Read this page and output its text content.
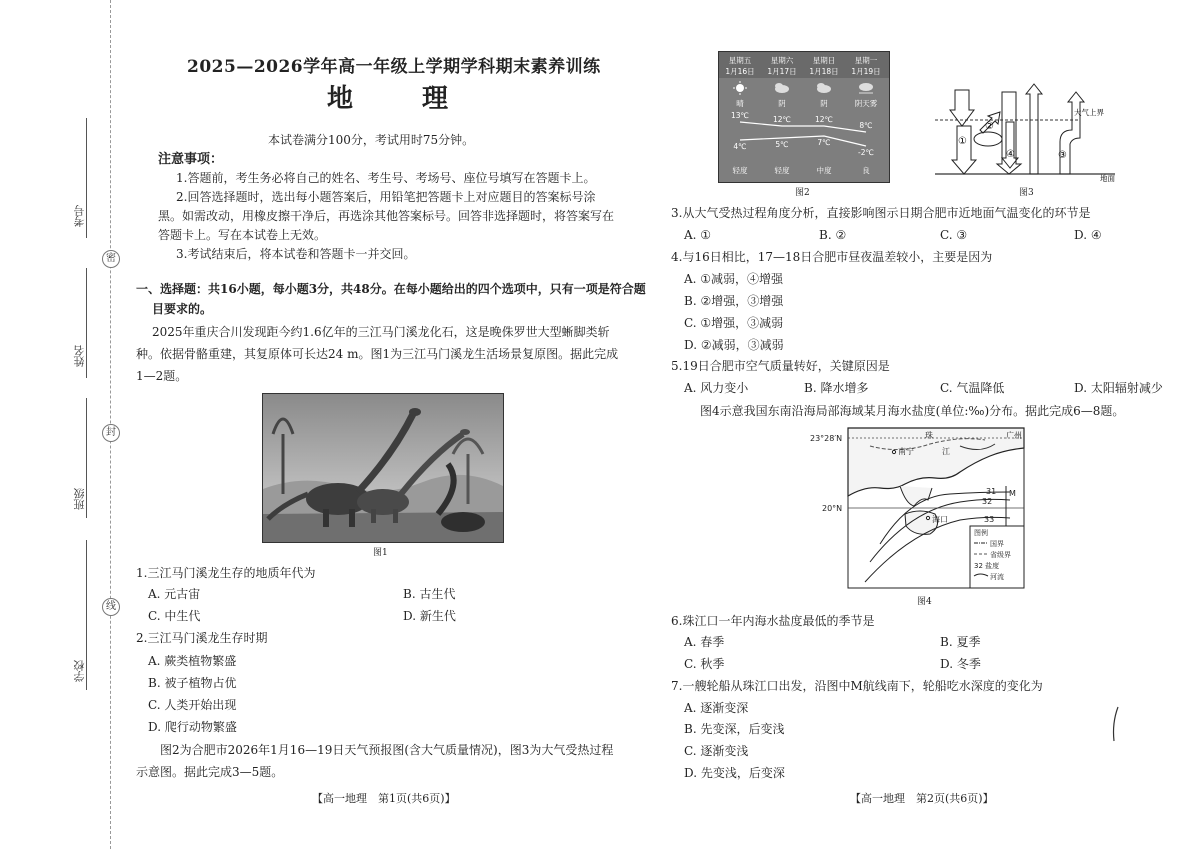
考号
姓名
班级
学校
密
封
线
2025—2026学年高一年级上学期学科期末素养训练
地 理
本试卷满分100分，考试用时75分钟。
注意事项：
1.答题前，考生务必将自己的姓名、考生号、考场号、座位号填写在答题卡上。
2.回答选择题时，选出每小题答案后，用铅笔把答题卡上对应题目的答案标号涂
黑。如需改动，用橡皮擦干净后，再选涂其他答案标号。回答非选择题时，将答案写在
答题卡上。写在本试卷上无效。
3.考试结束后，将本试卷和答题卡一并交回。
一、选择题：共16小题，每小题3分，共48分。在每小题给出的四个选项中，只有一项是符合题
目要求的。
2025年重庆合川发现距今约1.6亿年的三江马门溪龙化石，这是晚侏罗世大型蜥脚类斩
种。依据骨骼重建，其复原体可长达24 m。图1为三江马门溪龙生活场景复原图。据此完成
1—2题。
图1
1.三江马门溪龙生存的地质年代为
A. 元古宙	B. 古生代
C. 中生代	D. 新生代
2.三江马门溪龙生存时期
A. 蕨类植物繁盛
B. 被子植物占优
C. 人类开始出现
D. 爬行动物繁盛
图2为合肥市2026年1月16—19日天气预报图(含大气质量情况)，图3为大气受热过程
示意图。据此完成3—5题。
【高一地理　第1页(共6页)】
星期五	星期六	星期日	星期一
1月16日 1月17日 1月18日 1月19日
晴	阴	阴	阴天雾
13℃	12℃	12℃
8℃
4℃	5℃	7℃
-2℃
轻度	轻度	中度	良
图2
①
②
④	③
大气上界
地面
图3
3.从大气受热过程角度分析，直接影响图示日期合肥市近地面气温变化的环节是
A. ①	B. ②	C. ③	D. ④
4.与16日相比，17—18日合肥市昼夜温差较小，主要是因为
A. ①减弱，④增强
B. ②增强，③增强
C. ①增强，③减弱
D. ②减弱，③减弱
5.19日合肥市空气质量转好，关键原因是
A. 风力变小	B. 降水增多	C. 气温降低	D. 太阳辐射减少
图4示意我国东南沿海局部海域某月海水盐度(单位:‰)分布。据此完成6—8题。
23°28′N
20°N
珠
江
广州
南宁
海口
M
31
32
33
图例
国界
省级界
32 盐度
河流
图4
6.珠江口一年内海水盐度最低的季节是
A. 春季	B. 夏季
C. 秋季	D. 冬季
7.一艘轮船从珠江口出发，沿图中M航线南下，轮船吃水深度的变化为
A. 逐渐变深
B. 先变深，后变浅
C. 逐渐变浅
D. 先变浅，后变深
【高一地理　第2页(共6页)】
